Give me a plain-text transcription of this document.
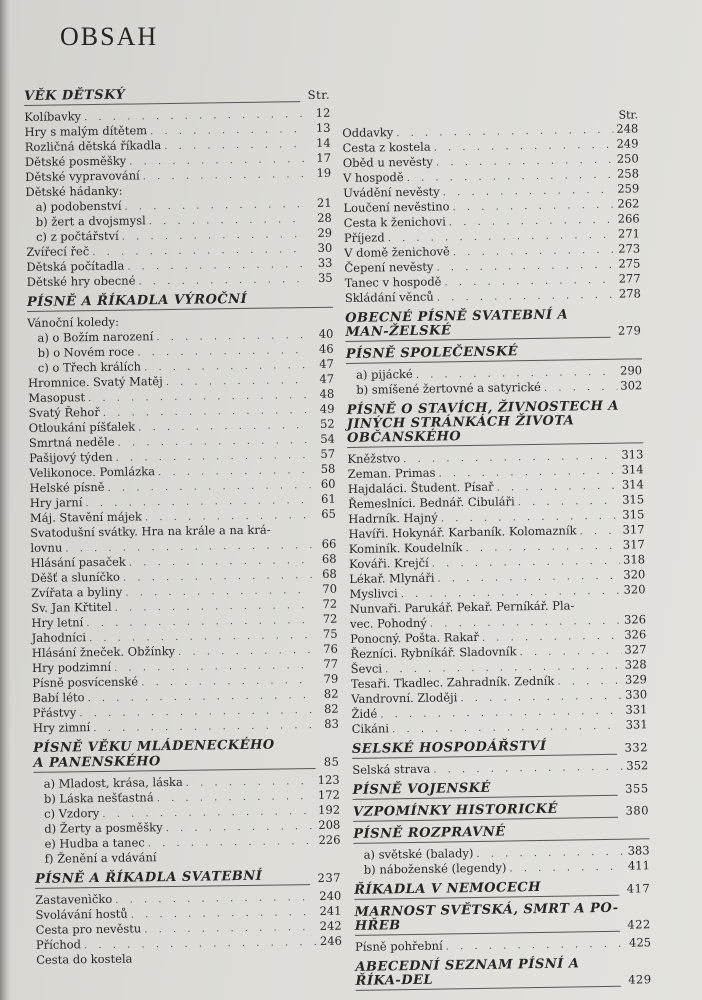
OBSAH
VĚK DĚTSKÝ	Str.
Kolíbavky . . .	12
Hry s malým dítětem . . .	13
Rozličná dětská říkadla . . .	14
Dětské posměšky . . .	17
Dětské vypravování . . .	19
Dětské hádanky:
a) podobenství . . .	21
b) žert a dvojsmysl . . .	28
c) z počtářství . . .	29
Zvířecí řeč . . .	30
Dětská počítadla . . .	33
Dětské hry obecné . . .	35
PÍSNĚ A ŘÍKADLA VÝROČNÍ
Vánoční koledy:
a) o Božím narození . . .	40
b) o Novém roce . . .	46
c) o Třech králích . . .	47
Hromnice. Svatý Matěj . . .	47
Masopust . . .	48
Svatý Řehoř . . .	49
Otloukání píšťalek . . .	52
Smrtná neděle . . .	54
Pašijový týden . . .	57
Velikonoce. Pomlázka . . .	58
Helské písně . . .	60
Hry jarní . . .	61
Máj. Stavění májek . . .	65
Svatodušní svátky. Hra na krále a na krá-
lovnu . . .	66
Hlásání pasaček . . .	68
Děšť a sluníčko . . .	68
Zvířata a byliny . . .	70
Sv. Jan Křtitel . . .	72
Hry letní . . .	72
Jahodníci . . .	75
Hlásání žneček. Obžínky . . .	76
Hry podzimní . . .	77
Písně posvícenské . . .	79
Babí léto . . .	82
Přástvy . . .	82
Hry zimní . . .	83
PÍSNĚ VĚKU MLÁDENECKÉHO
A PANENSKÉHO	85
a) Mladost, krása, láska . . .	123
b) Láska nešťastná . . .	172
c) Vzdory . . .	192
d) Žerty a posměšky . . .	208
e) Hudba a tanec . . .	226
f) Ženění a vdávání
PÍSNĚ A ŘÍKADLA SVATEBNÍ	237
Zastavenìčko . . .	240
Svolávání hostů . . .	241
Cesta pro nevěstu . . .	242
Příchod . . .	246
Cesta do kostela
Str.
Oddavky . . .	248
Cesta z kostela . . .	249
Oběd u nevěsty . . .	250
V hospodě . . .	258
Uvádění nevěsty . . .	259
Loučení nevěstino . . .	262
Cesta k ženichovi . . .	266
Příjezd . . .	271
V domě ženichově . . .	273
Čepení nevěsty . . .	275
Tanec v hospodě . . .	277
Skládání věnců . . .	278
OBECNÉ PÍSNĚ SVATEBNÍ A MAN-ŽELSKÉ	279
PÍSNĚ SPOLEČENSKÉ
a) pijácké . . .	290
b) smíšené žertovné a satyrické . . .	302
PÍSNĚ O STAVÍCH, ŽIVNOSTECH A JINÝCH STRÁNKÁCH ŽIVOTA OBČANSKÉHO
Kněžstvo . . .	313
Zeman. Primas . . .	314
Hajdaláci. Študent. Písař . . .	314
Řemeslníci. Bednář. Cibuláři . . .	315
Hadrník. Hajný . . .	315
Havíři. Hokynář. Karbaník. Kolomazník . . .	317
Kominík. Koudelník . . .	317
Kováři. Krejčí . . .	318
Lékař. Mlynáři . . .	320
Myslivci . . .	320
Nunvaři. Parukář. Pekař. Perníkář. Pla-
vec. Pohodný . . .	326
Ponocný. Pošta. Rakař . . .	326
Řezníci. Rybníkář. Sladovník . . .	327
Ševci . . .	328
Tesaři. Tkadlec. Zahradník. Zedník . . .	329
Vandrovní. Zloději . . .	330
Židé . . .	331
Cikáni . . .	331
SELSKÉ HOSPODÁŘSTVÍ	332
Selská strava . . .	352
PÍSNĚ VOJENSKÉ	355
VZPOMÍNKY HISTORICKÉ	380
PÍSNĚ ROZPRAVNÉ
a) světské (balady) . . .	383
b) náboženské (legendy) . . .	411
ŘÍKADLA V NEMOCECH	417
MARNOST SVĚTSKÁ, SMRT A PO-HŘEB	422
Písně pohřební . . .	425
ABECEDNÍ SEZNAM PÍSNÍ A ŘÍKA-DEL	429
